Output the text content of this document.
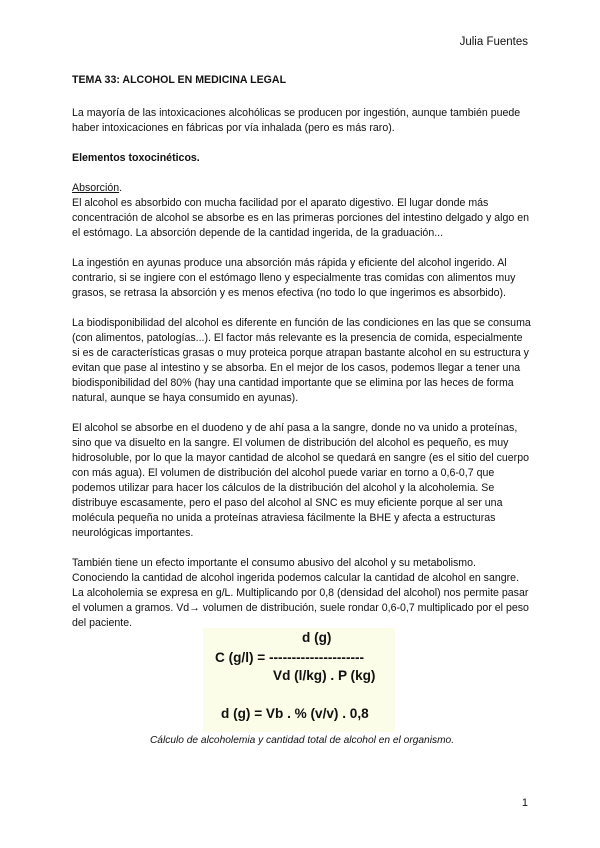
Julia Fuentes

TEMA 33: ALCOHOL EN MEDICINA LEGAL

La mayoría de las intoxicaciones alcohólicas se producen por ingestión, aunque también puede haber intoxicaciones en fábricas por vía inhalada (pero es más raro).

Elementos toxocinéticos.

Absorción.

El alcohol es absorbido con mucha facilidad por el aparato digestivo. El lugar donde más concentración de alcohol se absorbe es en las primeras porciones del intestino delgado y algo en el estómago. La absorción depende de la cantidad ingerida, de la graduación...

La ingestión en ayunas produce una absorción más rápida y eficiente del alcohol ingerido. Al contrario, si se ingiere con el estómago lleno y especialmente tras comidas con alimentos muy grasos, se retrasa la absorción y es menos efectiva (no todo lo que ingerimos es absorbido).

La biodisponibilidad del alcohol es diferente en función de las condiciones en las que se consuma (con alimentos, patologías...). El factor más relevante es la presencia de comida, especialmente si es de características grasas o muy proteica porque atrapan bastante alcohol en su estructura y evitan que pase al intestino y se absorba. En el mejor de los casos, podemos llegar a tener una biodisponibilidad del 80% (hay una cantidad importante que se elimina por las heces de forma natural, aunque se haya consumido en ayunas).

El alcohol se absorbe en el duodeno y de ahí pasa a la sangre, donde no va unido a proteínas, sino que va disuelto en la sangre. El volumen de distribución del alcohol es pequeño, es muy hidrosoluble, por lo que la mayor cantidad de alcohol se quedará en sangre (es el sitio del cuerpo con más agua). El volumen de distribución del alcohol puede variar en torno a 0,6-0,7 que podemos utilizar para hacer los cálculos de la distribución del alcohol y la alcoholemia. Se distribuye escasamente, pero el paso del alcohol al SNC es muy eficiente porque al ser una molécula pequeña no unida a proteínas atraviesa fácilmente la BHE y afecta a estructuras neurológicas importantes.

También tiene un efecto importante el consumo abusivo del alcohol y su metabolismo. Conociendo la cantidad de alcohol ingerida podemos calcular la cantidad de alcohol en sangre. La alcoholemia se expresa en g/L. Multiplicando por 0,8 (densidad del alcohol) nos permite pasar el volumen a gramos. Vd→ volumen de distribución, suele rondar 0,6-0,7 multiplicado por el peso del paciente.

d (g)
C (g/l) = ---------------------
Vd (l/kg) . P (kg)
d (g) = Vb . % (v/v) . 0,8
Cálculo de alcoholemia y cantidad total de alcohol en el organismo.
1
